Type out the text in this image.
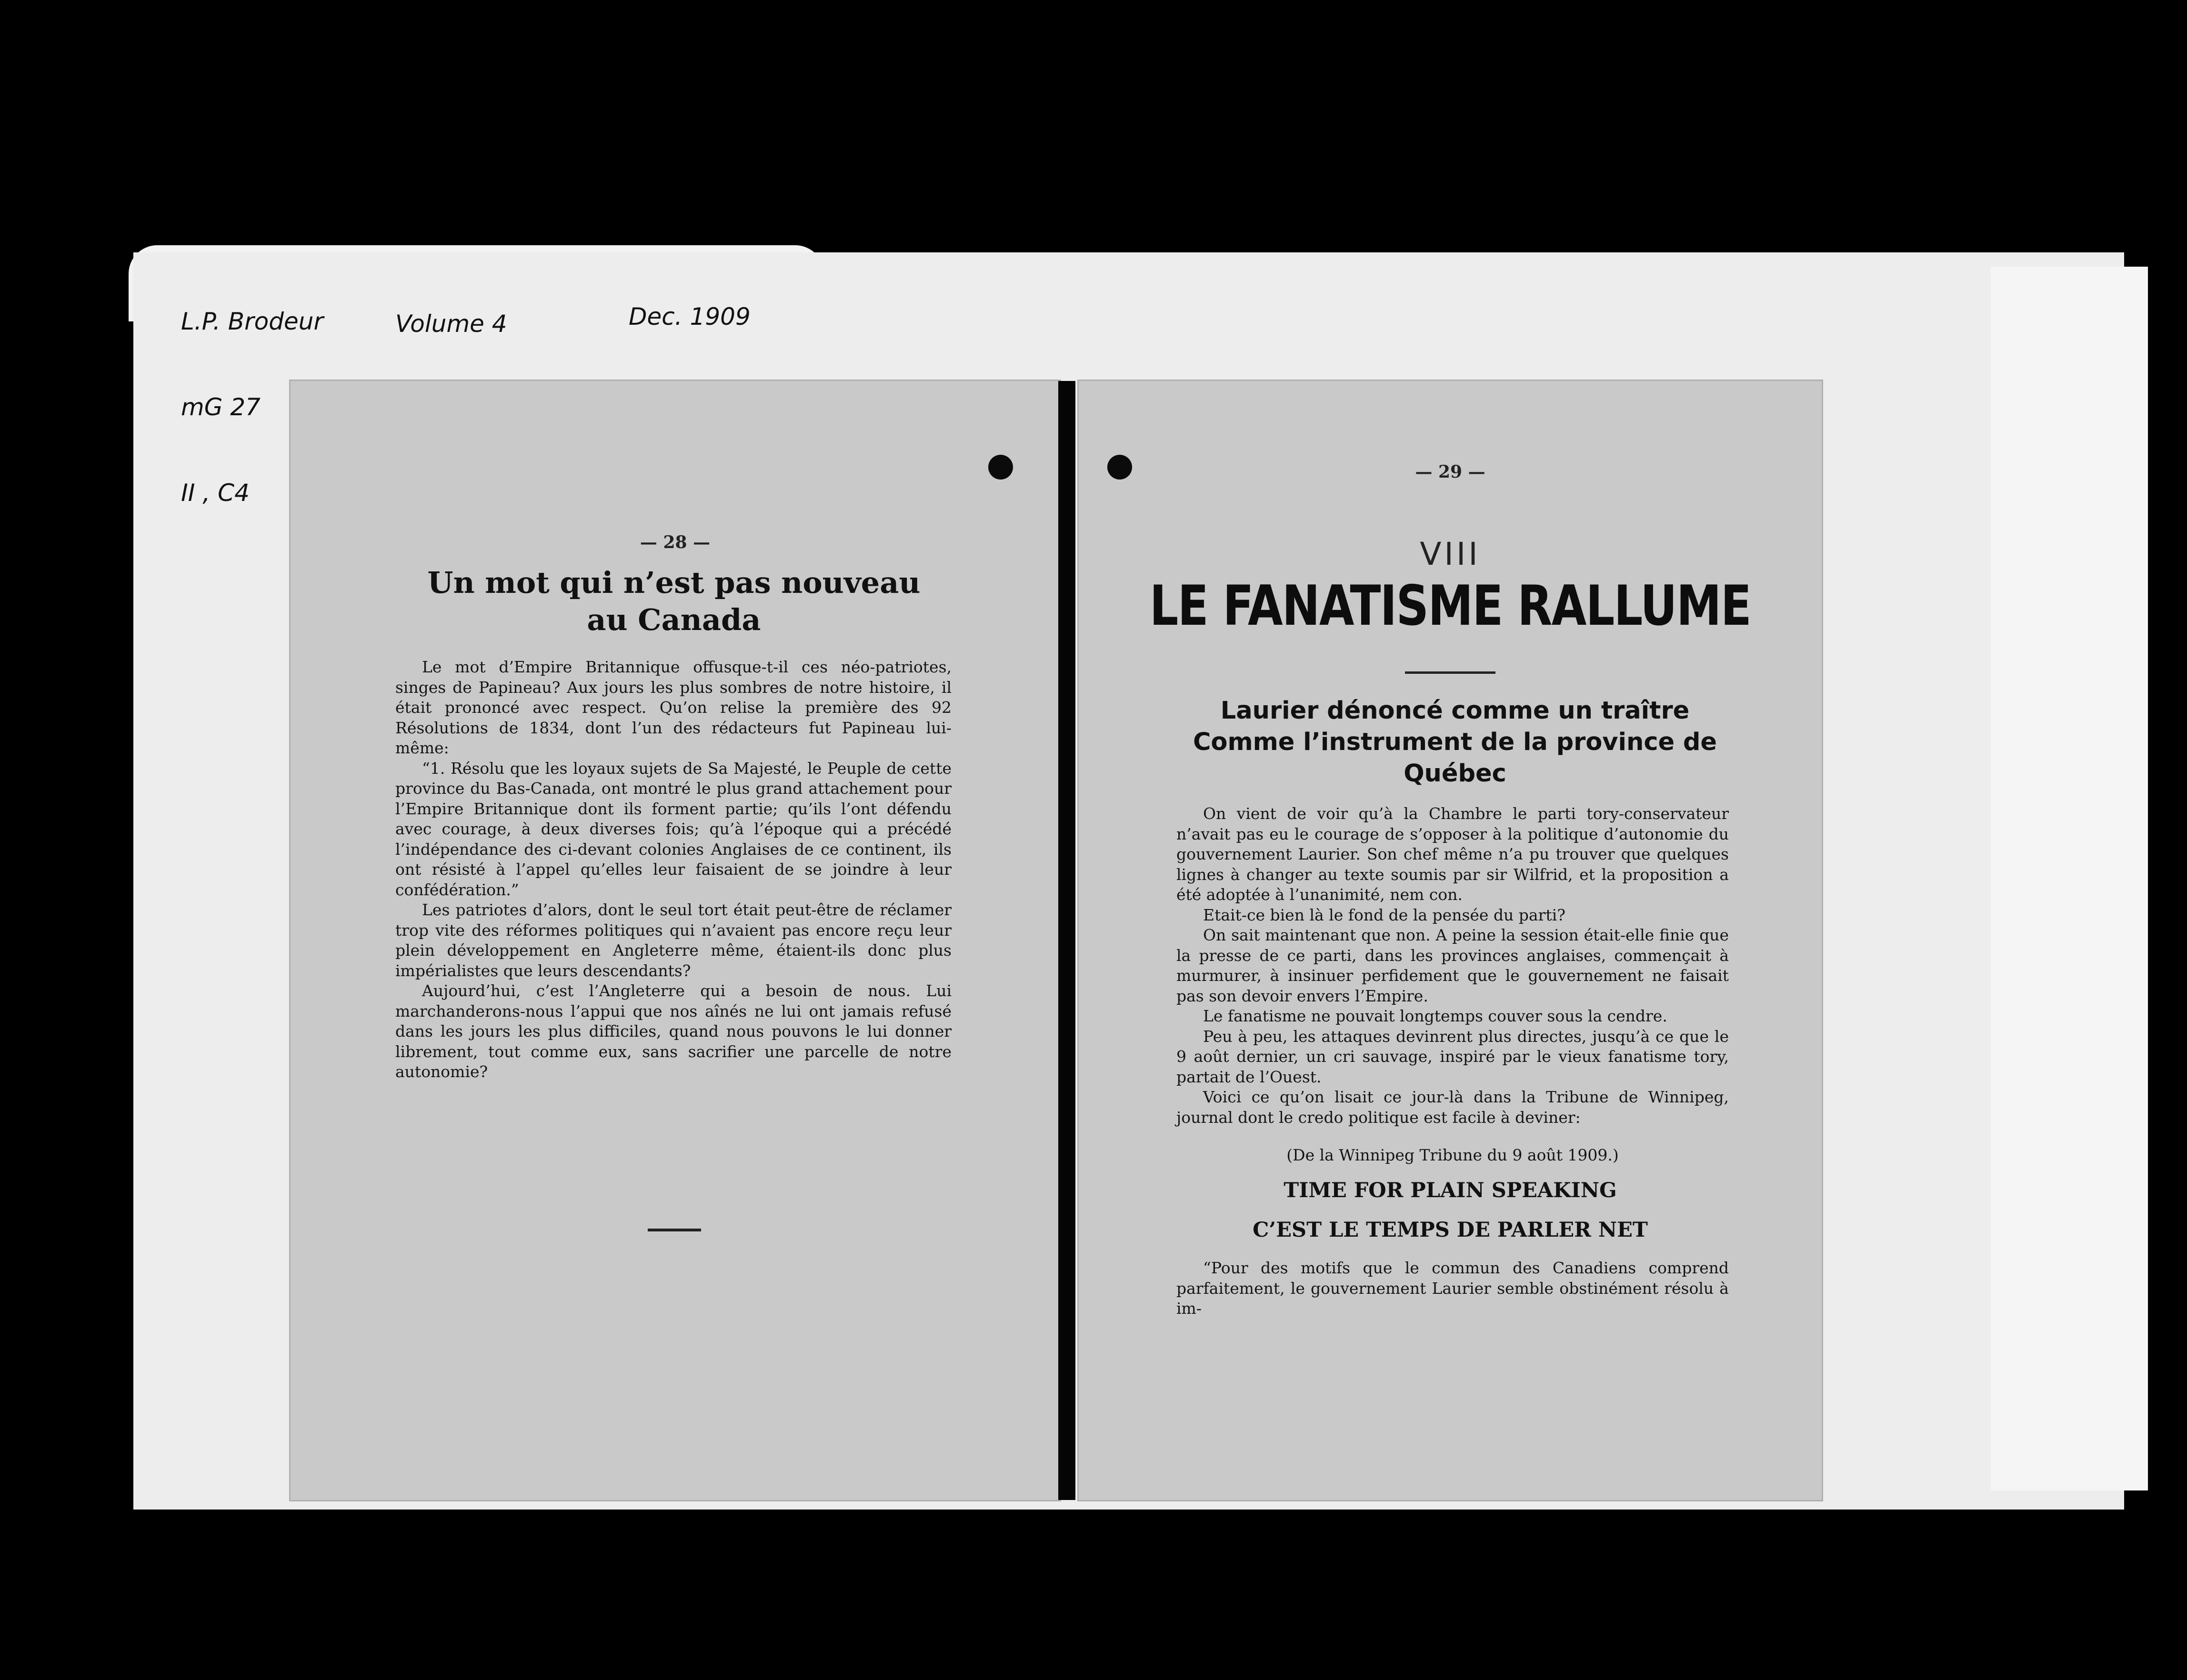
L.P. Brodeur

mG 27

II , C4

Volume 4

	Dec. 1909

— 28 —
Un mot qui n’est pas nouveau au Canada

Le mot d’Empire Britannique offusque-t-il ces néo-patriotes, singes de Papineau? Aux jours les plus sombres de notre histoire, il était prononcé avec respect. Qu’on relise la première des 92 Résolutions de 1834, dont l’un des rédacteurs fut Papineau lui-même:

“1. Résolu que les loyaux sujets de Sa Majesté, le Peuple de cette province du Bas-Canada, ont montré le plus grand attachement pour l’Empire Britannique dont ils forment partie; qu’ils l’ont défendu avec courage, à deux diverses fois; qu’à l’époque qui a précédé l’indépendance des ci-devant colonies Anglaises de ce continent, ils ont résisté à l’appel qu’elles leur faisaient de se joindre à leur confédération.”

Les patriotes d’alors, dont le seul tort était peut-être de réclamer trop vite des réformes politiques qui n’avaient pas encore reçu leur plein développement en Angleterre même, étaient-ils donc plus impérialistes que leurs descendants?

Aujourd’hui, c’est l’Angleterre qui a besoin de nous. Lui marchanderons-nous l’appui que nos aînés ne lui ont jamais refusé dans les jours les plus difficiles, quand nous pouvons le lui donner librement, tout comme eux, sans sacrifier une parcelle de notre autonomie?

— 29 —
VIII
LE FANATISME RALLUME
Laurier dénoncé comme un traître Comme l’instrument de la province de Québec

On vient de voir qu’à la Chambre le parti tory-conservateur n’avait pas eu le courage de s’opposer à la politique d’autonomie du gouvernement Laurier. Son chef même n’a pu trouver que quelques lignes à changer au texte soumis par sir Wilfrid, et la proposition a été adoptée à l’unanimité, nem con.

Etait-ce bien là le fond de la pensée du parti?

On sait maintenant que non. A peine la session était-elle finie que la presse de ce parti, dans les provinces anglaises, commençait à murmurer, à insinuer perfidement que le gouvernement ne faisait pas son devoir envers l’Empire.

Le fanatisme ne pouvait longtemps couver sous la cendre.

Peu à peu, les attaques devinrent plus directes, jusqu’à ce que le 9 août dernier, un cri sauvage, inspiré par le vieux fanatisme tory, partait de l’Ouest.

Voici ce qu’on lisait ce jour-là dans la Tribune de Winnipeg, journal dont le credo politique est facile à deviner:

(De la Winnipeg Tribune du 9 août 1909.)
TIME FOR PLAIN SPEAKING
C’EST LE TEMPS DE PARLER NET

“Pour des motifs que le commun des Canadiens comprend parfaitement, le gouvernement Laurier semble obstinément résolu à im-
